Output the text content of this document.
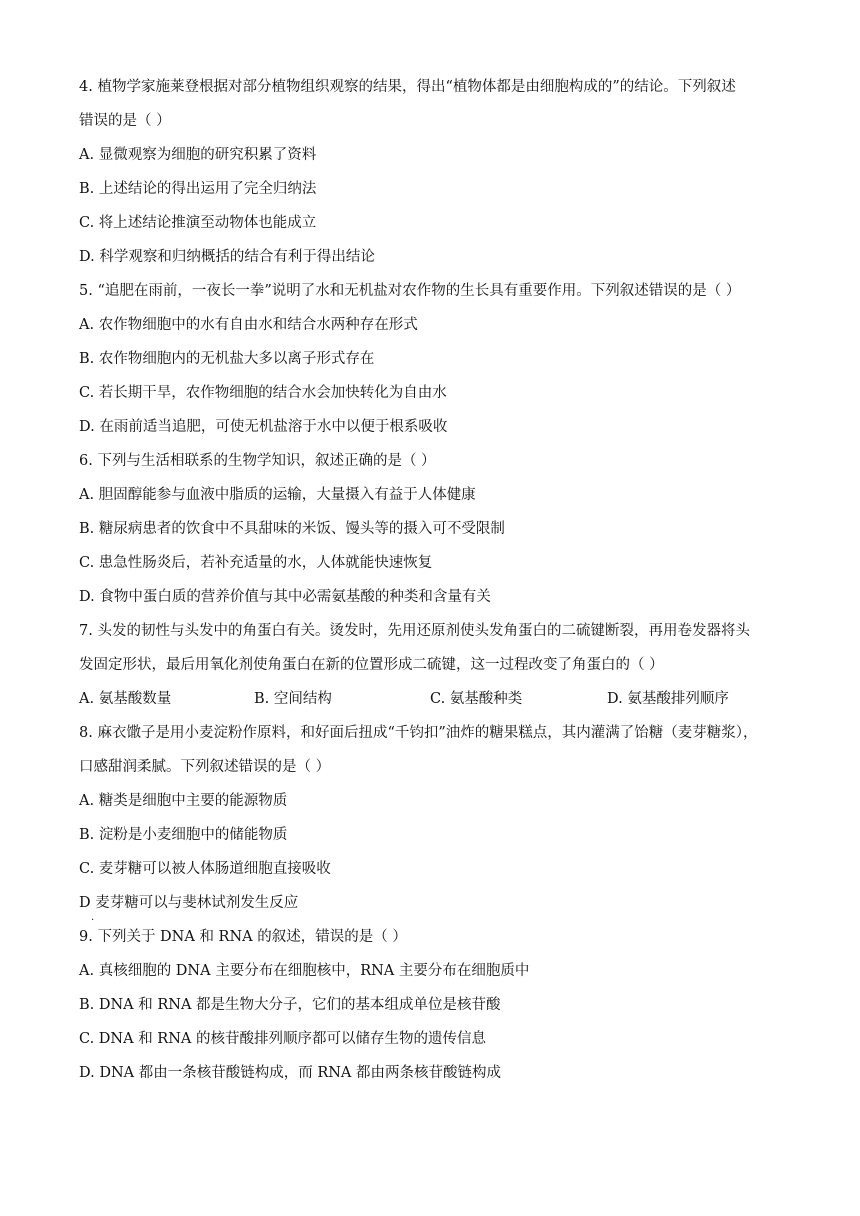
4. 植物学家施莱登根据对部分植物组织观察的结果，得出“植物体都是由细胞构成的”的结论。下列叙述
错误的是（ ）
A. 显微观察为细胞的研究积累了资料
B. 上述结论的得出运用了完全归纳法
C. 将上述结论推演至动物体也能成立
D. 科学观察和归纳概括的结合有利于得出结论
5. “追肥在雨前，一夜长一拳”说明了水和无机盐对农作物的生长具有重要作用。下列叙述错误的是（ ）
A. 农作物细胞中的水有自由水和结合水两种存在形式
B. 农作物细胞内的无机盐大多以离子形式存在
C. 若长期干旱，农作物细胞的结合水会加快转化为自由水
D. 在雨前适当追肥，可使无机盐溶于水中以便于根系吸收
6. 下列与生活相联系的生物学知识，叙述正确的是（ ）
A. 胆固醇能参与血液中脂质的运输，大量摄入有益于人体健康
B. 糖尿病患者的饮食中不具甜味的米饭、馒头等的摄入可不受限制
C. 患急性肠炎后，若补充适量的水，人体就能快速恢复
D. 食物中蛋白质的营养价值与其中必需氨基酸的种类和含量有关
7. 头发的韧性与头发中的角蛋白有关。烫发时，先用还原剂使头发角蛋白的二硫键断裂，再用卷发器将头
发固定形状，最后用氧化剂使角蛋白在新的位置形成二硫键，这一过程改变了角蛋白的（ ）
A. 氨基酸数量	B. 空间结构	C. 氨基酸种类	D. 氨基酸排列顺序
8. 麻衣馓子是用小麦淀粉作原料，和好面后扭成“千钧扣”油炸的糖果糕点，其内灌满了饴糖（麦芽糖浆），
口感甜润柔腻。下列叙述错误的是（ ）
A. 糖类是细胞中主要的能源物质
B. 淀粉是小麦细胞中的储能物质
C. 麦芽糖可以被人体肠道细胞直接吸收
D 麦芽糖可以与斐林试剂发生反应
.
9. 下列关于 DNA 和 RNA 的叙述，错误的是（ ）
A. 真核细胞的 DNA 主要分布在细胞核中，RNA 主要分布在细胞质中
B. DNA 和 RNA 都是生物大分子，它们的基本组成单位是核苷酸
C. DNA 和 RNA 的核苷酸排列顺序都可以储存生物的遗传信息
D. DNA 都由一条核苷酸链构成，而 RNA 都由两条核苷酸链构成
